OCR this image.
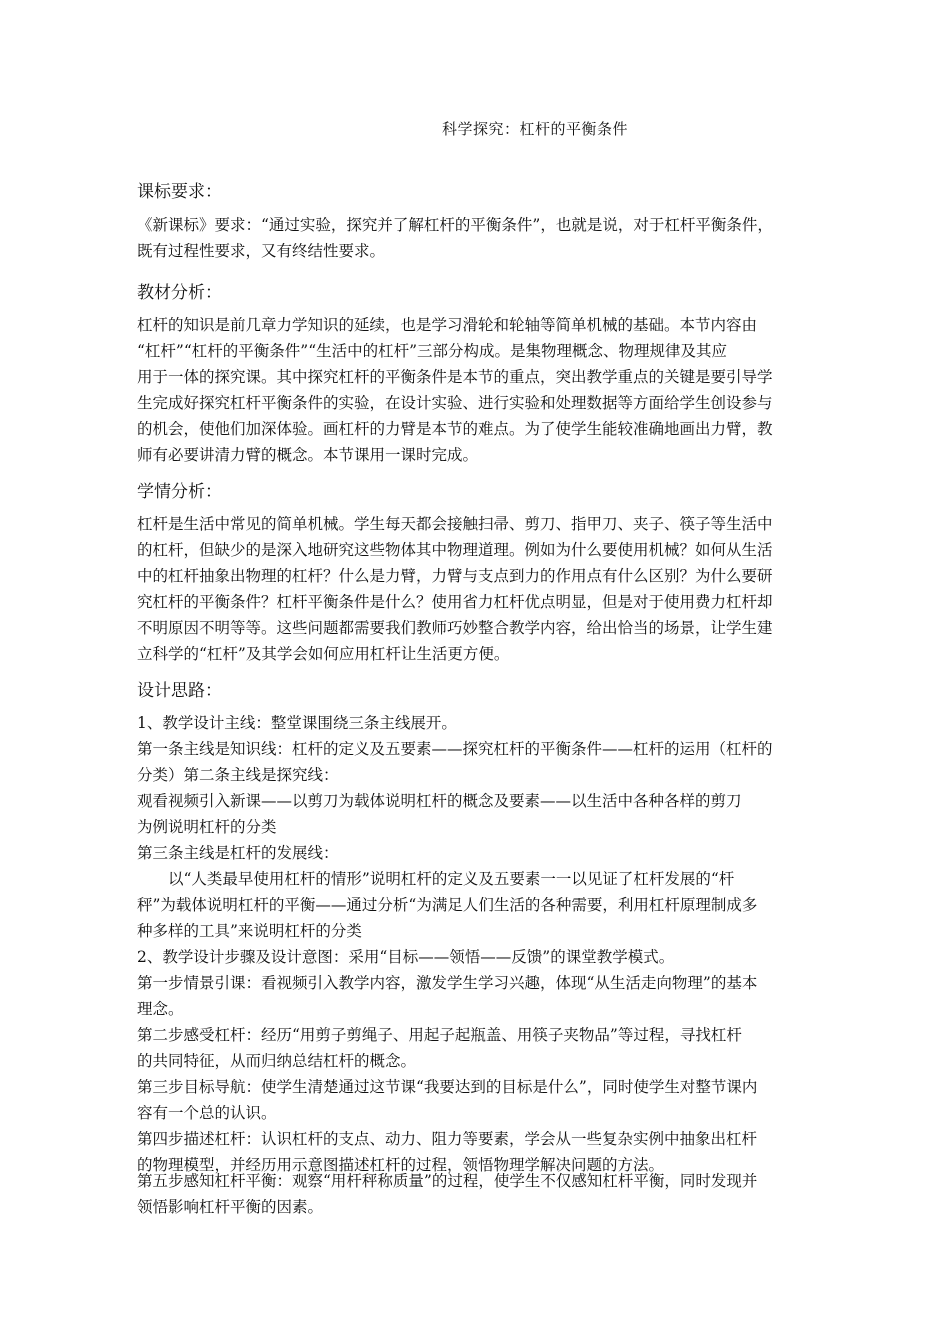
科学探究：杠杆的平衡条件
课标要求：
《新课标》要求：“通过实验，探究并了解杠杆的平衡条件”，也就是说，对于杠杆平衡条件，
既有过程性要求，又有终结性要求。
教材分析：
杠杆的知识是前几章力学知识的延续，也是学习滑轮和轮轴等简单机械的基础。本节内容由
“杠杆”“杠杆的平衡条件”“生活中的杠杆”三部分构成。是集物理概念、物理规律及其应
用于一体的探究课。其中探究杠杆的平衡条件是本节的重点，突出教学重点的关键是要引导学
生完成好探究杠杆平衡条件的实验，在设计实验、进行实验和处理数据等方面给学生创设参与
的机会，使他们加深体验。画杠杆的力臂是本节的难点。为了使学生能较准确地画出力臂，教
师有必要讲清力臂的概念。本节课用一课时完成。
学情分析：
杠杆是生活中常见的简单机械。学生每天都会接触扫帚、剪刀、指甲刀、夹子、筷子等生活中
的杠杆，但缺少的是深入地研究这些物体其中物理道理。例如为什么要使用机械？如何从生活
中的杠杆抽象出物理的杠杆？什么是力臂，力臂与支点到力的作用点有什么区别？为什么要研
究杠杆的平衡条件？杠杆平衡条件是什么？使用省力杠杆优点明显，但是对于使用费力杠杆却
不明原因不明等等。这些问题都需要我们教师巧妙整合教学内容，给出恰当的场景，让学生建
立科学的“杠杆”及其学会如何应用杠杆让生活更方便。
设计思路：
1、教学设计主线：整堂课围绕三条主线展开。
第一条主线是知识线：杠杆的定义及五要素——探究杠杆的平衡条件——杠杆的运用（杠杆的
分类）第二条主线是探究线：
观看视频引入新课——以剪刀为载体说明杠杆的概念及要素——以生活中各种各样的剪刀
为例说明杠杆的分类
第三条主线是杠杆的发展线：
以“人类最早使用杠杆的情形”说明杠杆的定义及五要素一一以见证了杠杆发展的“杆
秤”为载体说明杠杆的平衡——通过分析“为满足人们生活的各种需要，利用杠杆原理制成多
种多样的工具”来说明杠杆的分类
2、教学设计步骤及设计意图：采用“目标——领悟——反馈”的课堂教学模式。
第一步情景引课：看视频引入教学内容，激发学生学习兴趣，体现“从生活走向物理”的基本
理念。
第二步感受杠杆：经历“用剪子剪绳子、用起子起瓶盖、用筷子夹物品”等过程，寻找杠杆
的共同特征，从而归纳总结杠杆的概念。
第三步目标导航：使学生清楚通过这节课“我要达到的目标是什么”，同时使学生对整节课内
容有一个总的认识。
第四步描述杠杆：认识杠杆的支点、动力、阻力等要素，学会从一些复杂实例中抽象出杠杆
的物理模型，并经历用示意图描述杠杆的过程，领悟物理学解决问题的方法。
第五步感知杠杆平衡：观察“用杆秤称质量”的过程，使学生不仅感知杠杆平衡，同时发现并
领悟影响杠杆平衡的因素。
